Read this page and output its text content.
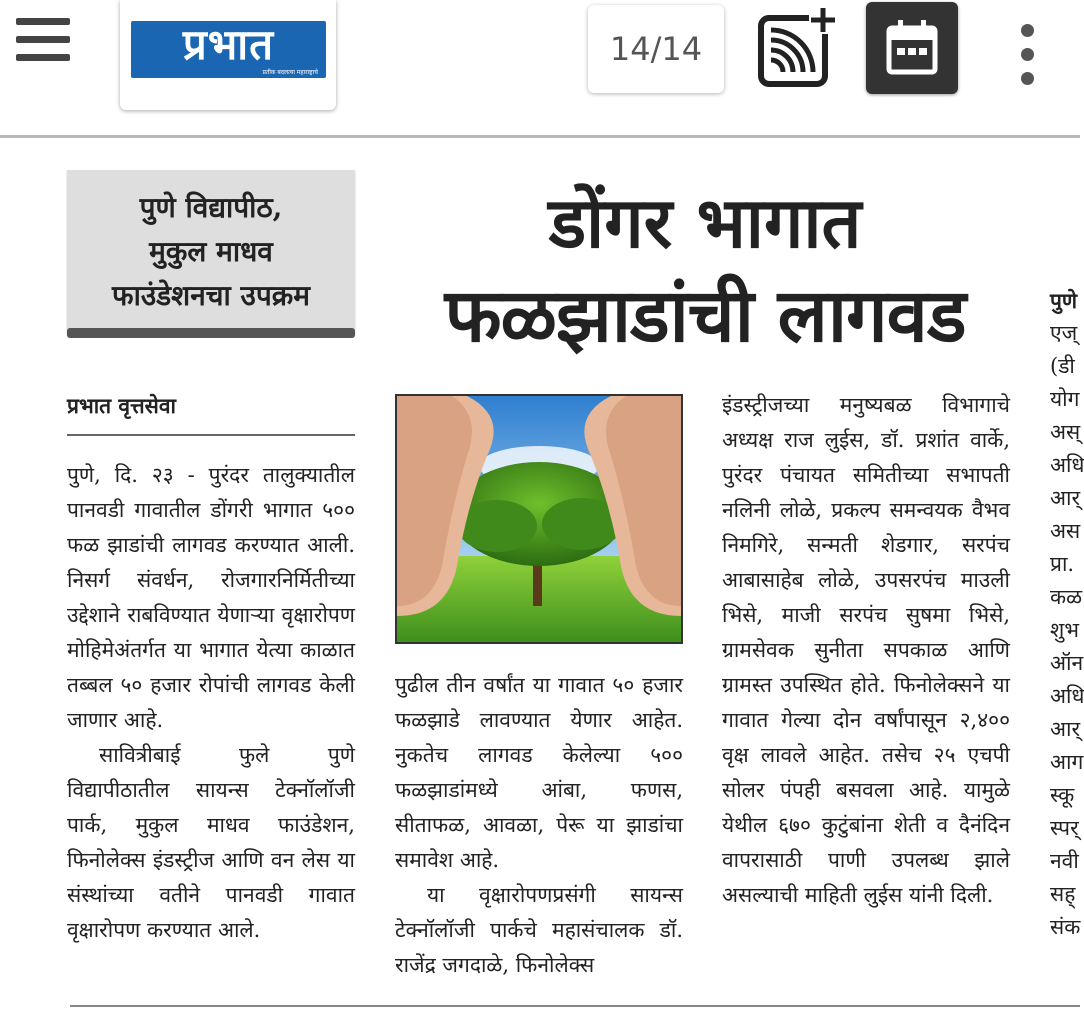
प्रभात
प्रतीक बदलत्या महाराष्ट्राचे
14/14
पुणे विद्यापीठ,
मुकुल माधव
फाउंडेशनचा उपक्रम
डोंगर भागात
फळझाडांची लागवड
प्रभात वृत्तसेवा

पुणे, दि. २३ - पुरंदर तालुक्यातील पानवडी गावातील डोंगरी भागात ५०० फळ झाडांची लागवड करण्यात आली. निसर्ग संवर्धन, रोजगारनिर्मितीच्या उद्देशाने राबविण्यात येणाऱ्या वृक्षारोपण मोहिमेअंतर्गत या भागात येत्या काळात तब्बल ५० हजार रोपांची लागवड केली जाणार आहे.

सावित्रीबाई फुले पुणे विद्यापीठातील सायन्स टेक्नॉलॉजी पार्क, मुकुल माधव फाउंडेशन, फिनोलेक्स इंडस्ट्रीज आणि वन लेस या संस्थांच्या वतीने पानवडी गावात वृक्षारोपण करण्यात आले.

पुढील तीन वर्षांत या गावात ५० हजार फळझाडे लावण्यात येणार आहेत. नुकतेच लागवड केलेल्या ५०० फळझाडांमध्ये आंबा, फणस, सीताफळ, आवळा, पेरू या झाडांचा समावेश आहे.

या वृक्षारोपणप्रसंगी सायन्स टेक्नॉलॉजी पार्कचे महासंचालक डॉ. राजेंद्र जगदाळे, फिनोलेक्स

इंडस्ट्रीजच्या मनुष्यबळ विभागाचे अध्यक्ष राज लुईस, डॉ. प्रशांत वार्के, पुरंदर पंचायत समितीच्या सभापती नलिनी लोळे, प्रकल्प समन्वयक वैभव निमगिरे, सन्मती शेडगार, सरपंच आबासाहेब लोळे, उपसरपंच माउली भिसे, माजी सरपंच सुषमा भिसे, ग्रामसेवक सुनीता सपकाळ आणि ग्रामस्त उपस्थित होते. फिनोलेक्सने या गावात गेल्या दोन वर्षांपासून २,४०० वृक्ष लावले आहेत. तसेच २५ एचपी सोलर पंपही बसवला आहे. यामुळे येथील ६७० कुटुंबांना शेती व दैनंदिन वापरासाठी पाणी उपलब्ध झाले असल्याची माहिती लुईस यांनी दिली.

पुणे
एज्
(डी
योग
अस्
अधि
आर्
अस
प्रा.
कळ
शुभ
ऑन
अधि
आर्
आग
स्कू
स्पर्
नवी
सह्
संक
